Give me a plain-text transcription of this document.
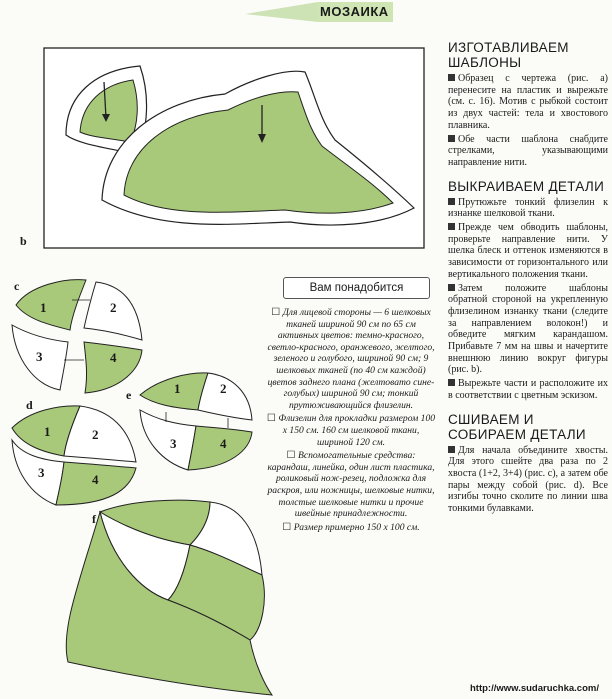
МОЗАИКА
b
c
d
e
f
1	2
3	4
1	2
3	4
1	2
3	4
Вам понадобится

☐ Для лицевой стороны — 6 шелковых тканей шириной 90 см по 65 см активных цветов: темно-красного, светло-красного, оранжевого, желтого, зеленого и голубого, шириной 90 см; 9 шелковых тканей (по 40 см каждой) цветов заднего плана (желтовато сине-голубых) шириной 90 см; тонкий прутюживающийся флизелин.

☐ Флизелин для прокладки размером 100 х 150 см. 160 см шелковой ткани, шириной 120 см.

☐ Вспомогательные средства: карандаш, линейка, один лист пластика, роликовый нож-резец, подложка для раскроя, или ножницы, шелковые нитки, толстые шелковые нитки и прочие швейные принадлежности.

☐ Размер примерно 150 х 100 см.

ИЗГОТАВЛИВАЕМ ШАБЛОНЫ

Образец с чертежа (рис. a) перенесите на пластик и вырежьте (см. с. 16). Мотив с рыбкой состоит из двух частей: тела и хвостового плавника.

Обе части шаблона снабдите стрелками, указывающими направление нити.

ВЫКРАИВАЕМ ДЕТАЛИ

Прутюжьте тонкий флизелин к изнанке шелковой ткани.

Прежде чем обводить шаблоны, проверьте направление нити. У шелка блеск и оттенок изменяются в зависимости от горизонтального или вертикального положения ткани.

Затем положите шаблоны обратной стороной на укрепленную флизелином изнанку ткани (следите за направлением волокон!) и обведите мягким карандашом. Прибавьте 7 мм на швы и начертите внешнюю линию вокруг фигуры (рис. b).

Вырежьте части и расположите их в соответствии с цветным эскизом.

СШИВАЕМ И СОБИРАЕМ ДЕТАЛИ

Для начала объедините хвосты. Для этого сшейте два раза по 2 хвоста (1+2, 3+4) (рис. c), а затем обе пары между собой (рис. d). Все изгибы точно сколите по линии шва тонкими булавками.

http://www.sudaruchka.com/
